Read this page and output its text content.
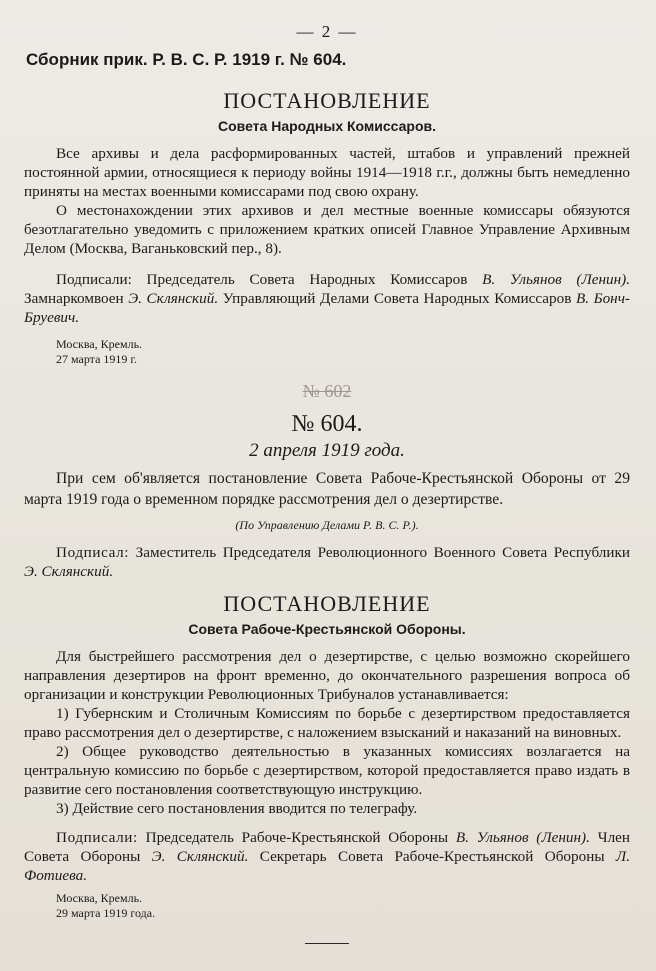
— 2 —
Сборник прик. Р. В. С. Р. 1919 г. № 604.
ПОСТАНОВЛЕНИЕ
Совета Народных Комиссаров.

Все архивы и дела расформированных частей, штабов и управлений прежней постоянной армии, относящиеся к периоду войны 1914—1918 г.г., должны быть немедленно приняты на местах военными комиссарами под свою охрану.

О местонахождении этих архивов и дел местные военные комиссары обязуются безотлагательно уведомить с приложением кратких описей Главное Управление Архивным Делом (Москва, Ваганьковский пер., 8).

Подписали: Председатель Совета Народных Комиссаров В. Ульянов (Ленин). Замнаркомвоен Э. Склянский. Управляющий Делами Совета Народных Комиссаров В. Бонч-Бруевич.

Москва, Кремль.
27 марта 1919 г.
№ 602
№ 604.
2 апреля 1919 года.

При сем об'является постановление Совета Рабоче-Крестьянской Обороны от 29 марта 1919 года о временном порядке рассмотрения дел о дезертирстве.

(По Управлению Делами Р. В. С. Р.).

Подписал: Заместитель Председателя Революционного Военного Совета Республики Э. Склянский.

ПОСТАНОВЛЕНИЕ
Совета Рабоче-Крестьянской Обороны.

Для быстрейшего рассмотрения дел о дезертирстве, с целью возможно скорейшего направления дезертиров на фронт временно, до окончательного разрешения вопроса об организации и конструкции Революционных Трибуналов устанавливается:

1) Губернским и Столичным Комиссиям по борьбе с дезертирством предоставляется право рассмотрения дел о дезертирстве, с наложением взысканий и наказаний на виновных.

2) Общее руководство деятельностью в указанных комиссиях возлагается на центральную комиссию по борьбе с дезертирством, которой предоставляется право издать в развитие сего постановления соответствующую инструкцию.

3) Действие сего постановления вводится по телеграфу.

Подписали: Председатель Рабоче-Крестьянской Обороны В. Ульянов (Ленин). Член Совета Обороны Э. Склянский. Секретарь Совета Рабоче-Крестьянской Обороны Л. Фотиева.

Москва, Кремль.
29 марта 1919 года.
